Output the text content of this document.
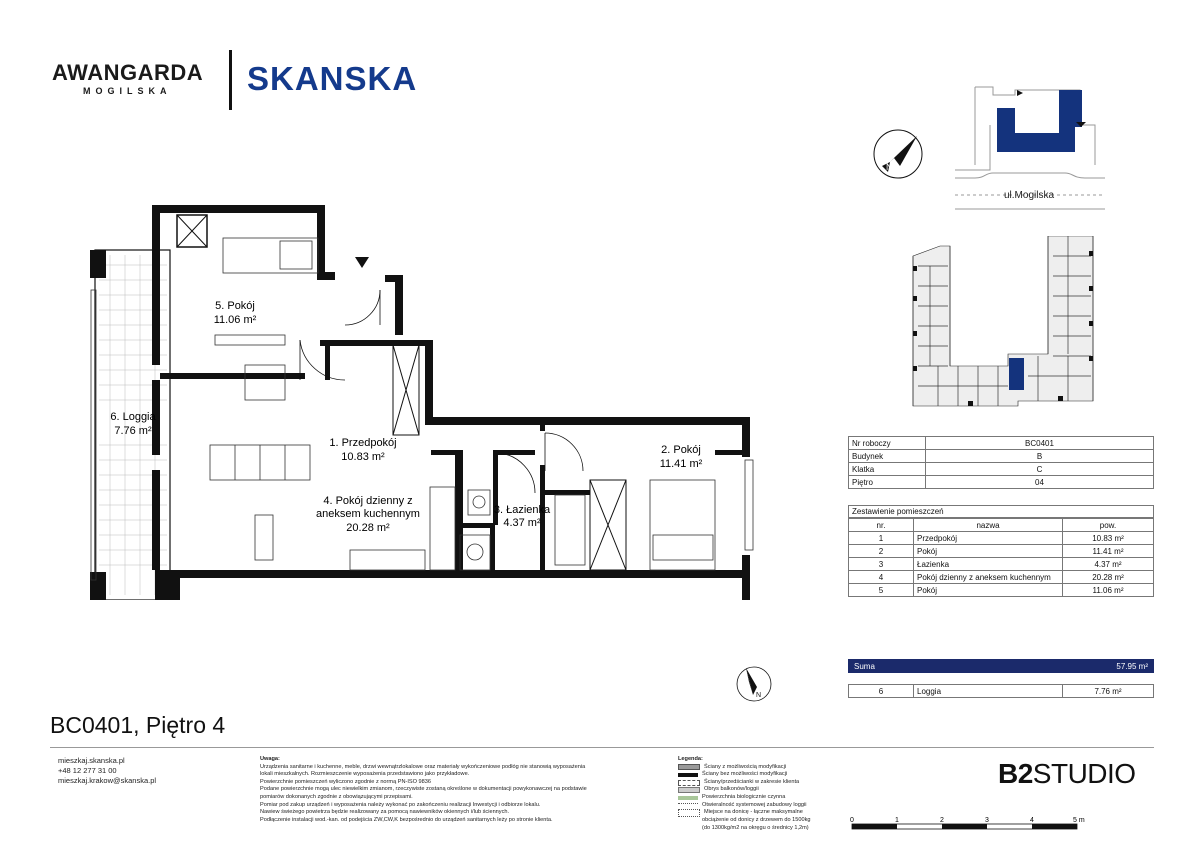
AWANGARDA
MOGILSKA SKANSKA
N
ul.Mogilska
5. Pokój
11.06 m²
1. Przedpokój
10.83 m²
2. Pokój
11.41 m²
3. Łazienka
4.37 m²
4. Pokój dzienny z
aneksem kuchennym
20.28 m²
6. Loggia
7.76 m²
Nr roboczy	BC0401
Budynek	B
Klatka	C
Piętro	04
Zestawienie pomieszczeń
nr.	nazwa	pow.
1	Przedpokój	10.83 m²
2	Pokój	11.41 m²
3	Łazienka	4.37 m²
4	Pokój dzienny z aneksem kuchennym	20.28 m²
5	Pokój	11.06 m²
N
Suma	57.95 m²
6	Loggia	7.76 m²
BC0401, Piętro 4
mieszkaj.skanska.pl
+48 12 277 31 00
mieszkaj.krakow@skanska.pl
Uwaga:
Urządzenia sanitarne i kuchenne, meble, drzwi wewnątrzlokalowe oraz materiały wykończeniowe podłóg nie stanowią wyposażenia
lokali mieszkalnych. Rozmieszczenie wyposażenia przedstawiono jako przykładowe.
Powierzchnie pomieszczeń wyliczono zgodnie z normą PN-ISO 9836
Podane powierzchnie mogą ulec niewielkim zmianom, rzeczywiste zostaną określone w dokumentacji powykonawczej na podstawie
pomiarów dokonanych zgodnie z obowiązującymi przepisami.
Pomiar pod zakup urządzeń i wyposażenia należy wykonać po zakończeniu realizacji Inwestycji i odbiorze lokalu.
Nawiew świeżego powietrza będzie realizowany za pomocą nawiewników okiennych i/lub ściennych.
Podłączenie instalacji wod.-kan. od podejścia ZW,CW,K bezpośrednio do urządzeń sanitarnych leży po stronie klienta.
Legenda:
Ściany z możliwością modyfikacji
Ściany bez możliwości modyfikacji
Ściany/przedścianki w zakresie klienta
Obrys balkonów/loggii
Powierzchnia biologicznie czynna
Otwieralność systemowej zabudowy loggii
Miejsce na donicę - łączne maksymalne
obciążenie od donicy z drzewem do 1500kg
(do 1300kg/m2 na okręgu o średnicy 1,2m)
B2STUDIO
0	1	2	3	4	5 m
